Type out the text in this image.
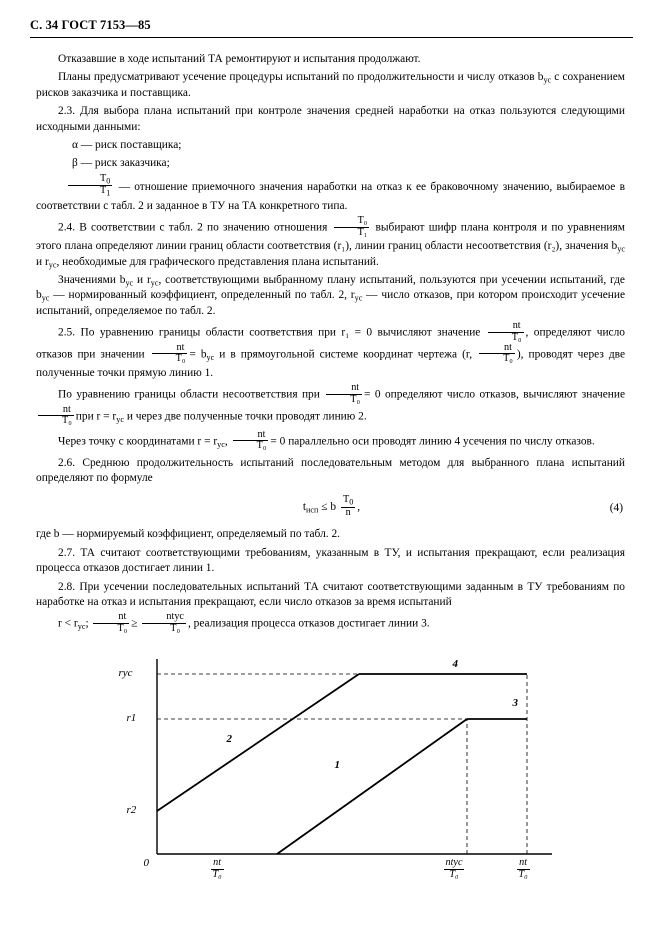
С. 34 ГОСТ 7153—85

Отказавшие в ходе испытаний ТА ремонтируют и испытания продолжают.

Планы предусматривают усечение процедуры испытаний по продолжительности и числу отказов $b_{ус}$ с сохранением рисков заказчика и поставщика.

2.3. Для выбора плана испытаний при контроле значения средней наработки на отказ пользуются следующими исходными данными:

α — риск поставщика;

β — риск заказчика;

$\frac{T_0}{T_1}$ — отношение приемочного значения наработки на отказ к ее браковочному значению, выбираемое в соответствии с табл. 2 и заданное в ТУ на ТА конкретного типа.

2.4. В соответствии с табл. 2 по значению отношения $\frac{\text{T₀}}{\text{T₁}}$ выбирают шифр плана контроля и по уравнениям этого плана определяют линии границ области соответствия (r₁), линии границ области несоответствия (r₂), значения $b_{ус}$ и $r_{ус}$, необходимые для графического представления плана испытаний.

Значениями $b_{ус}$ и $r_{ус}$, соответствующими выбранному плану испытаний, пользуются при усечении испытаний, где $b_{ус}$ — нормированный коэффициент, определенный по табл. 2, $r_{ус}$ — число отказов, при котором происходит усечение испытаний, определяемое по табл. 2.

2.5. По уравнению границы области соответствия при r₁ = 0 вычисляют значение $\frac{nt}{\text{T₀}}$ , определяют число отказов при значении $\frac{nt}{\text{T₀}} = b_{ус}$ и в прямоугольной системе координат чертежа (r, $\frac{nt}{\text{T₀}}$ ), проводят через две полученные точки прямую линию 1.

По уравнению границы области несоответствия при $\frac{nt}{\text{T₀}} = 0$ определяют число отказов, вычисляют значение
$\frac{nt}{\text{T₀}}$ при $r = r_{ус}$ и через две полученные точки проводят линию 2.

Через точку с координатами $r = r_{ус}$, $\frac{nt}{\text{T₀}} = 0$ параллельно оси проводят линию 4 усечения по числу отказов.

2.6. Среднюю продолжительность испытаний последовательным методом для выбранного плана испытаний определяют по формуле

$t_{исп} \le b \frac{T_0}{n}$ ,	(4)

где b — нормируемый коэффициент, определяемый по табл. 2.

2.7. ТА считают соответствующими требованиям, указанным в ТУ, и испытания прекращают, если реализация процесса отказов достигает линии 1.

2.8. При усечении последовательных испытаний ТА считают соответствующими заданным в ТУ требованиям по наработке на отказ и испытания прекращают, если число отказов за время испытаний

$r < r_{ус}$; $\frac{nt}{\text{T₀}} \ge \frac{\text{ntус}}{\text{T₀}}$ , реализация процесса отказов достигает линии 3.

rус
r1
r2
0	$\frac{nt}{\text{T₀}}$	$\frac{\text{ntус}}{\text{T₀}}$	$\frac{nt}{\text{T₀}}$
4
3
2
1
